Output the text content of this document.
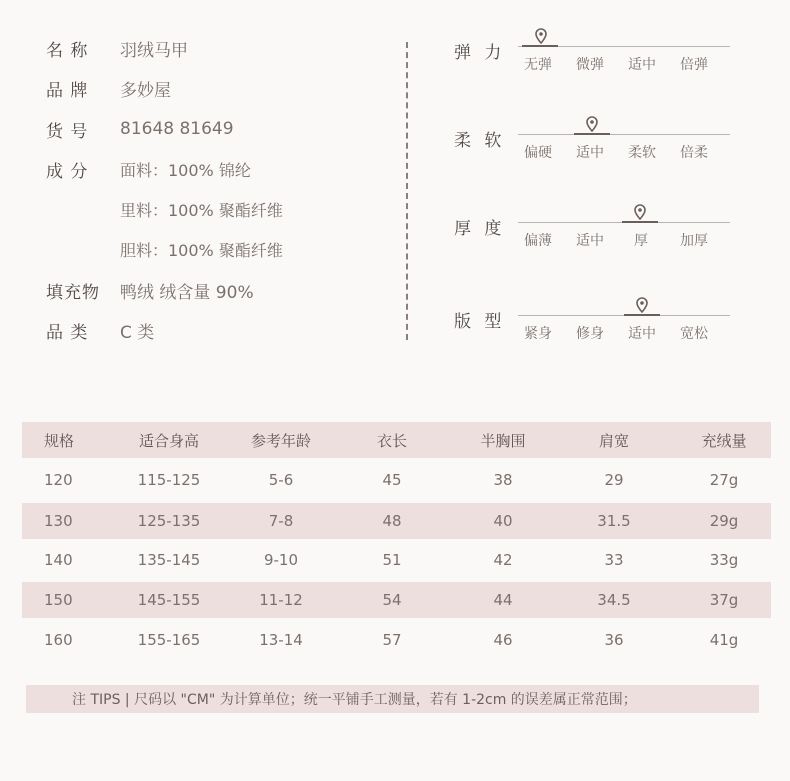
名 称	羽绒马甲
品 牌	多妙屋
货 号	81648 81649
成 分	面料：100% 锦纶
里料：100% 聚酯纤维
胆料：100% 聚酯纤维
填充物	鸭绒 绒含量 90%
品 类	C 类
弹 力
无弹 微弹 适中 倍弹
柔 软
偏硬 适中 柔软 倍柔
厚 度
偏薄 适中 厚 加厚
版 型
紧身 修身 适中 宽松
规格	适合身高	参考年龄	衣长	半胸围	肩宽	充绒量
120	115-125	5-6	45	38	29	27g
130	125-135	7-8	48	40	31.5	29g
140	135-145	9-10	51	42	33	33g
150	145-155	11-12	54	44	34.5	37g
160	155-165	13-14	57	46	36	41g
注 TIPS | 尺码以 "CM" 为计算单位；统一平铺手工测量，若有 1-2cm 的误差属正常范围；
